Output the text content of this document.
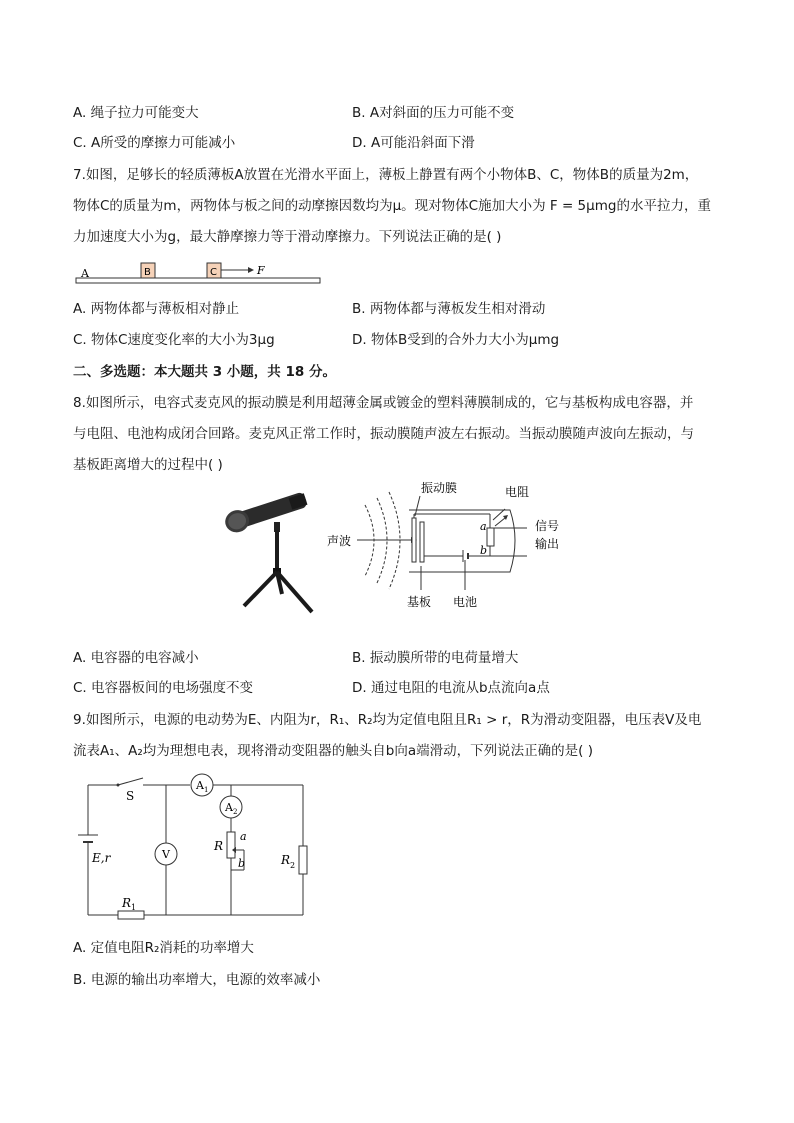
A. 绳子拉力可能变大	B. A对斜面的压力可能不变
C. A所受的摩擦力可能减小	D. A可能沿斜面下滑
7.如图，足够长的轻质薄板A放置在光滑水平面上，薄板上静置有两个小物体B、C，物体B的质量为2m，
物体C的质量为m，两物体与板之间的动摩擦因数均为μ。现对物体C施加大小为 F = 5μmg的水平拉力，重
力加速度大小为g，最大静摩擦力等于滑动摩擦力。下列说法正确的是( )
A	B	C	F
A. 两物体都与薄板相对静止	B. 两物体都与薄板发生相对滑动
C. 物体C速度变化率的大小为3μg	D. 物体B受到的合外力大小为μmg
二、多选题：本大题共 3 小题，共 18 分。
8.如图所示，电容式麦克风的振动膜是利用超薄金属或镀金的塑料薄膜制成的，它与基板构成电容器，并
与电阻、电池构成闭合回路。麦克风正常工作时，振动膜随声波左右振动。当振动膜随声波向左振动，与
基板距离增大的过程中( )
声波
a
b
振动膜	电阻
信号
输出
基板 电池
A. 电容器的电容减小	B. 振动膜所带的电荷量增大
C. 电容器板间的电场强度不变	D. 通过电阻的电流从b点流向a点
9.如图所示，电源的电动势为E、内阻为r，R₁、R₂均为定值电阻且R₁ > r，R为滑动变阻器，电压表V及电
流表A₁、A₂均为理想电表，现将滑动变阻器的触头自b向a端滑动，下列说法正确的是( )
A 1
V
A 2
a
b
R
R 2
S
E,r
R 1
A. 定值电阻R₂消耗的功率增大
B. 电源的输出功率增大，电源的效率减小
